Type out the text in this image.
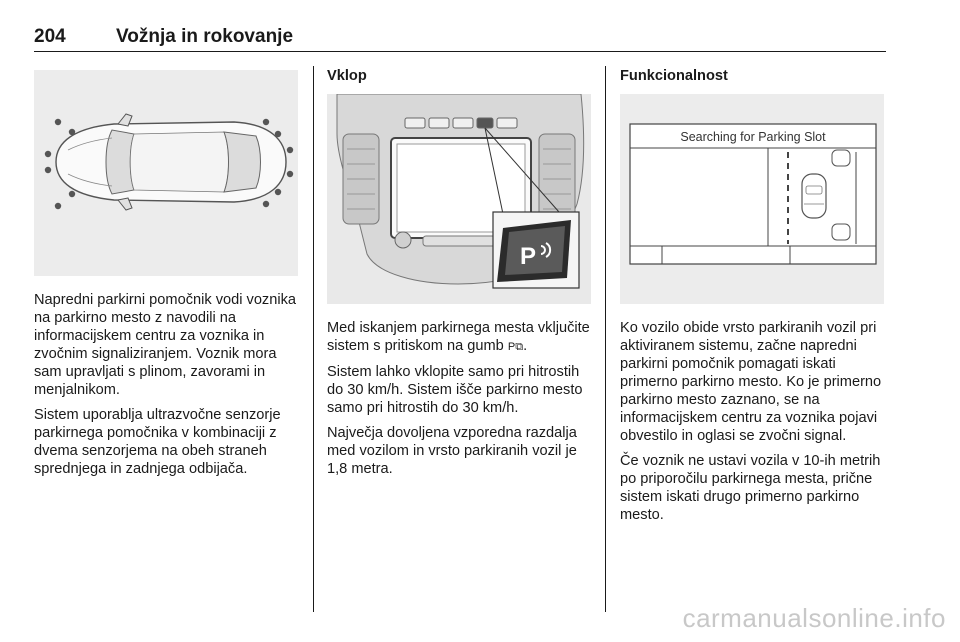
204	Vožnja in rokovanje

Napredni parkirni pomočnik vodi voznika na parkirno mesto z navodili na informacijskem centru za voznika in zvočnim signaliziranjem. Voznik mora sam upravljati s plinom, zavorami in menjalnikom.

Sistem uporablja ultrazvočne senzorje parkirnega pomočnika v kombinaciji z dvema senzorjema na obeh straneh sprednjega in zadnjega odbijača.

Vklop
P

Med iskanjem parkirnega mesta vključite sistem s pritiskom na gumb P⧉.

Sistem lahko vklopite samo pri hitrostih do 30 km/h. Sistem išče parkirno mesto samo pri hitrostih do 30 km/h.

Največja dovoljena vzporedna razdalja med vozilom in vrsto parkiranih vozil je 1,8 metra.

Funkcionalnost
Searching for Parking Slot

Ko vozilo obide vrsto parkiranih vozil pri aktiviranem sistemu, začne napredni parkirni pomočnik pomagati iskati primerno parkirno mesto. Ko je primerno parkirno mesto zaznano, se na informacijskem centru za voznika pojavi obvestilo in oglasi se zvočni signal.

Če voznik ne ustavi vozila v 10-ih metrih po priporočilu parkirnega mesta, prične sistem iskati drugo primerno parkirno mesto.

carmanualsonline.info
